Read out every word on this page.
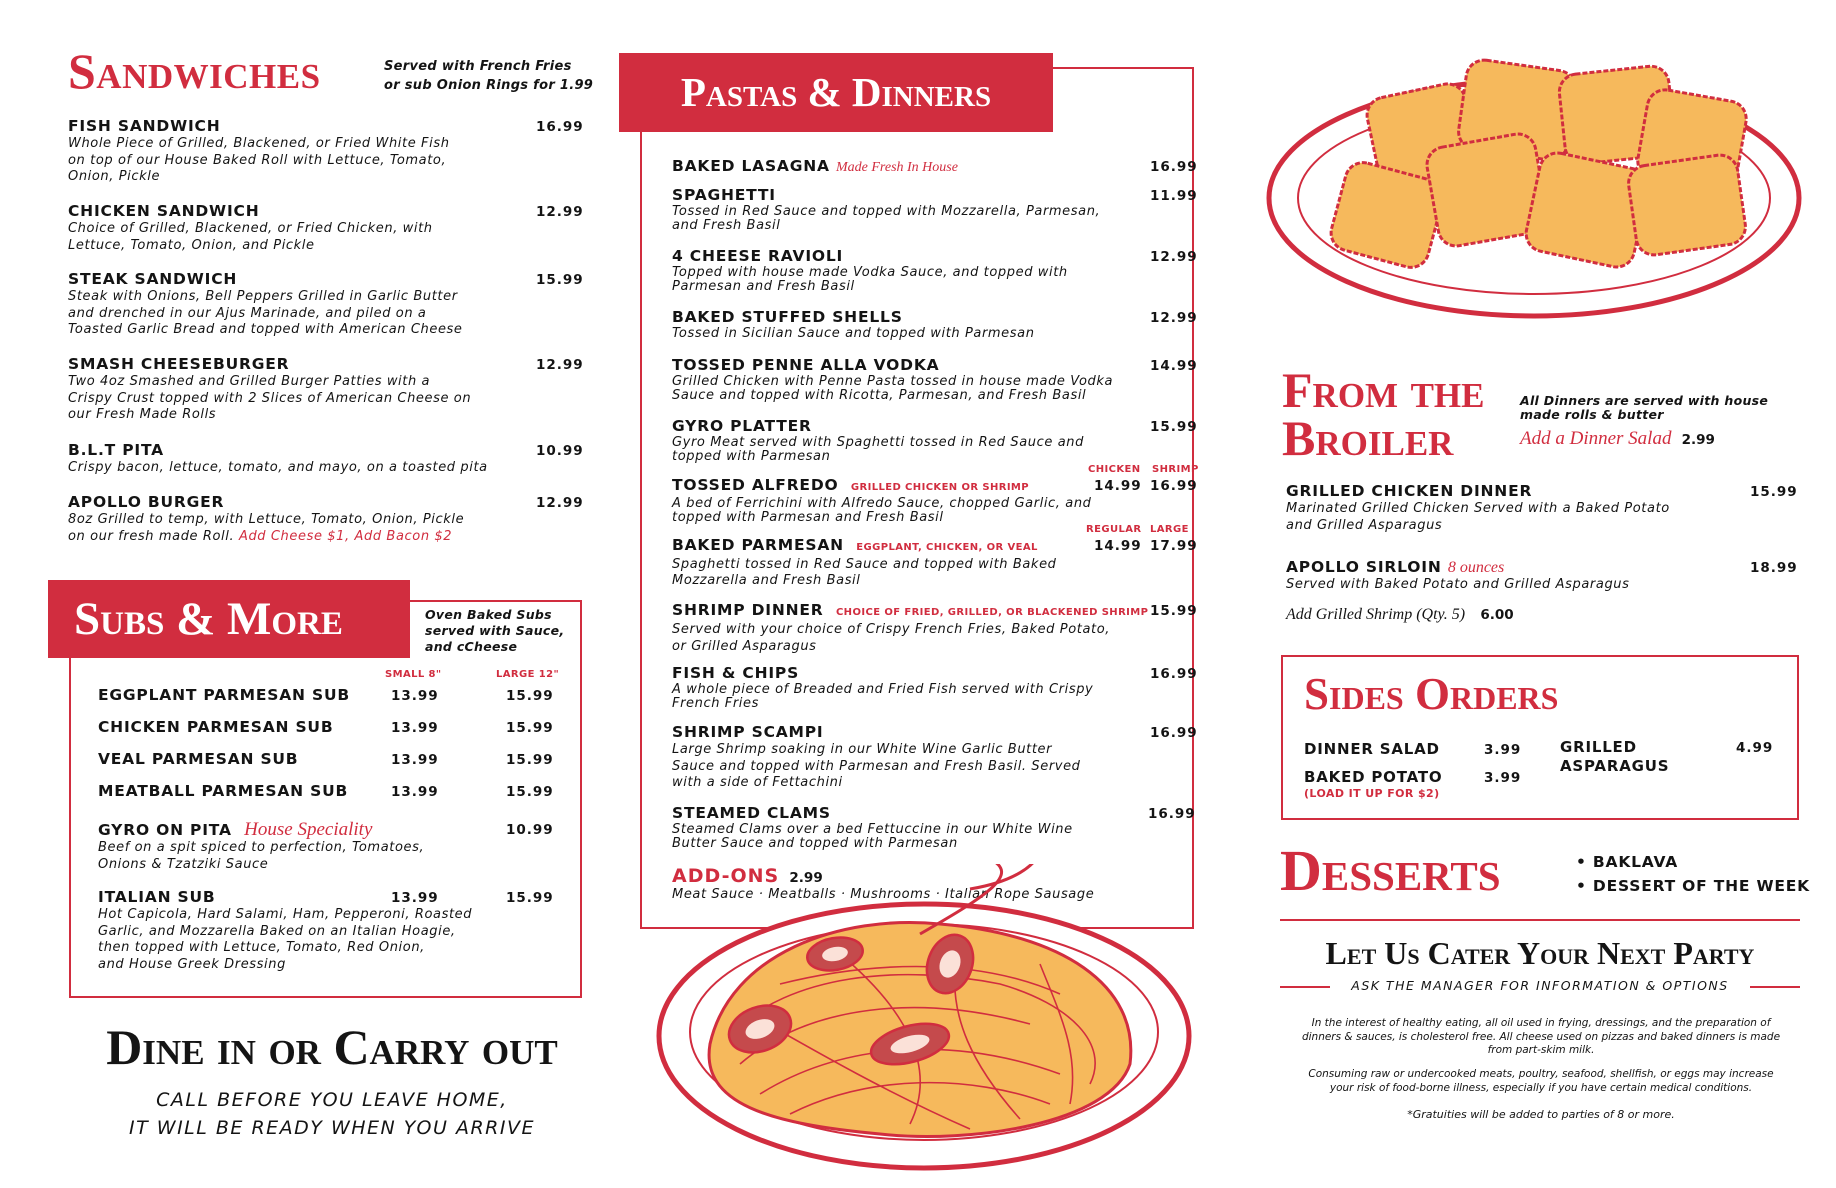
Sandwiches	Served with French Fries
or sub Onion Rings for 1.99
FISH SANDWICH
Whole Piece of Grilled, Blackened, or Fried White Fish
on top of our House Baked Roll with Lettuce, Tomato,
Onion, Pickle
16.99
CHICKEN SANDWICH
Choice of Grilled, Blackened, or Fried Chicken, with
Lettuce, Tomato, Onion, and Pickle
12.99
STEAK SANDWICH
Steak with Onions, Bell Peppers Grilled in Garlic Butter
and drenched in our Ajus Marinade, and piled on a
Toasted Garlic Bread and topped with American Cheese
15.99
SMASH CHEESEBURGER
Two 4oz Smashed and Grilled Burger Patties with a
Crispy Crust topped with 2 Slices of American Cheese on
our Fresh Made Rolls
12.99
B.L.T PITA
Crispy bacon, lettuce, tomato, and mayo, on a toasted pita
10.99
APOLLO BURGER
8oz Grilled to temp, with Lettuce, Tomato, Onion, Pickle
on our fresh made Roll. Add Cheese $1, Add Bacon $2
12.99
Subs & More	Oven Baked Subs
served with Sauce,
and cCheese
SMALL 8"	LARGE 12"
EGGPLANT PARMESAN SUB	13.99	15.99
CHICKEN PARMESAN SUB	13.99	15.99
VEAL PARMESAN SUB	13.99	15.99
MEATBALL PARMESAN SUB	13.99	15.99
GYRO ON PITA House Speciality
Beef on a spit spiced to perfection, Tomatoes,
Onions & Tzatziki Sauce
10.99
ITALIAN SUB
Hot Capicola, Hard Salami, Ham, Pepperoni, Roasted
Garlic, and Mozzarella Baked on an Italian Hoagie,
then topped with Lettuce, Tomato, Red Onion,
and House Greek Dressing
13.99	15.99
Dine in or Carry out
CALL BEFORE YOU LEAVE HOME,
IT WILL BE READY WHEN YOU ARRIVE
Pastas & Dinners
BAKED LASAGNA Made Fresh In House	16.99
SPAGHETTI
Tossed in Red Sauce and topped with Mozzarella, Parmesan,
and Fresh Basil
11.99
4 CHEESE RAVIOLI
Topped with house made Vodka Sauce, and topped with
Parmesan and Fresh Basil
12.99
BAKED STUFFED SHELLS
Tossed in Sicilian Sauce and topped with Parmesan
12.99
TOSSED PENNE ALLA VODKA
Grilled Chicken with Penne Pasta tossed in house made Vodka
Sauce and topped with Ricotta, Parmesan, and Fresh Basil
14.99
GYRO PLATTER
Gyro Meat served with Spaghetti tossed in Red Sauce and
topped with Parmesan
15.99
CHICKEN SHRIMP
TOSSED ALFREDO GRILLED CHICKEN OR SHRIMP
A bed of Ferrichini with Alfredo Sauce, chopped Garlic, and
topped with Parmesan and Fresh Basil
14.99 16.99
REGULAR LARGE
BAKED PARMESAN EGGPLANT, CHICKEN, OR VEAL
Spaghetti tossed in Red Sauce and topped with Baked
Mozzarella and Fresh Basil
14.99 17.99
SHRIMP DINNER CHOICE OF FRIED, GRILLED, OR BLACKENED SHRIMP
Served with your choice of Crispy French Fries, Baked Potato,
or Grilled Asparagus
15.99
FISH & CHIPS
A whole piece of Breaded and Fried Fish served with Crispy
French Fries
16.99
SHRIMP SCAMPI
Large Shrimp soaking in our White Wine Garlic Butter
Sauce and topped with Parmesan and Fresh Basil. Served
with a side of Fettachini
16.99
STEAMED CLAMS
Steamed Clams over a bed Fettuccine in our White Wine
Butter Sauce and topped with Parmesan
16.99
ADD-ONS 2.99
Meat Sauce · Meatballs · Mushrooms · Italian Rope Sausage
From the
Broiler
All Dinners are served with house
made rolls & butter
Add a Dinner Salad 2.99
GRILLED CHICKEN DINNER
Marinated Grilled Chicken Served with a Baked Potato
and Grilled Asparagus
15.99
APOLLO SIRLOIN 8 ounces
Served with Baked Potato and Grilled Asparagus
18.99
Add Grilled Shrimp (Qty. 5) 6.00
Sides Orders
DINNER SALAD	3.99
BAKED POTATO
(LOAD IT UP FOR $2)
3.99
GRILLED
ASPARAGUS
4.99
Desserts	• BAKLAVA
• DESSERT OF THE WEEK
Let Us Cater Your Next Party
ASK THE MANAGER FOR INFORMATION & OPTIONS
In the interest of healthy eating, all oil used in frying, dressings, and the preparation of
dinners & sauces, is cholesterol free. All cheese used on pizzas and baked dinners is made
from part-skim milk.
Consuming raw or undercooked meats, poultry, seafood, shellfish, or eggs may increase
your risk of food-borne illness, especially if you have certain medical conditions.
*Gratuities will be added to parties of 8 or more.
